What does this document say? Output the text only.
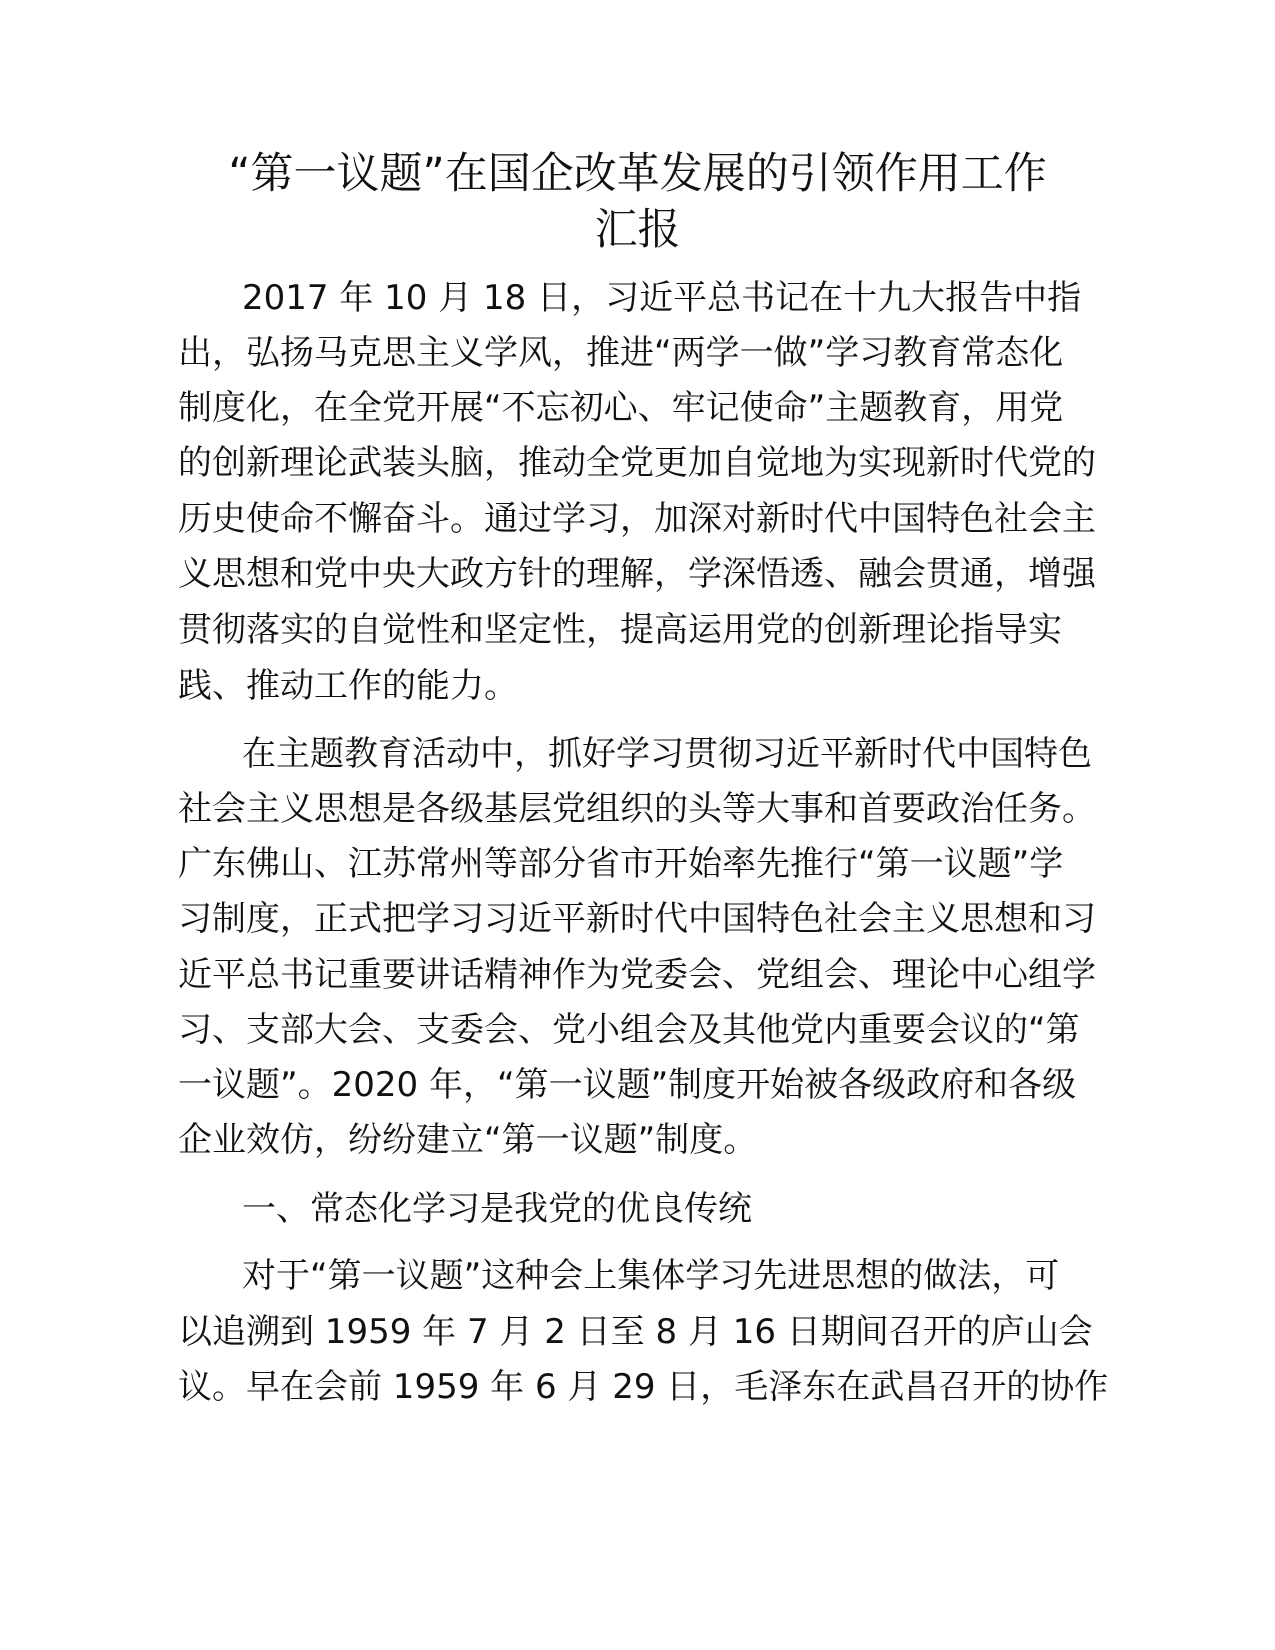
“第一议题”在国企改革发展的引领作用工作
汇报
2017 年 10 月 18 日，习近平总书记在十九大报告中指
出，弘扬马克思主义学风，推进“两学一做”学习教育常态化
制度化，在全党开展“不忘初心、牢记使命”主题教育，用党
的创新理论武装头脑，推动全党更加自觉地为实现新时代党的
历史使命不懈奋斗。通过学习，加深对新时代中国特色社会主
义思想和党中央大政方针的理解，学深悟透、融会贯通，增强
贯彻落实的自觉性和坚定性，提高运用党的创新理论指导实
践、推动工作的能力。
在主题教育活动中，抓好学习贯彻习近平新时代中国特色
社会主义思想是各级基层党组织的头等大事和首要政治任务。
广东佛山、江苏常州等部分省市开始率先推行“第一议题”学
习制度，正式把学习习近平新时代中国特色社会主义思想和习
近平总书记重要讲话精神作为党委会、党组会、理论中心组学
习、支部大会、支委会、党小组会及其他党内重要会议的“第
一议题”。2020 年，“第一议题”制度开始被各级政府和各级
企业效仿，纷纷建立“第一议题”制度。
一、常态化学习是我党的优良传统
对于“第一议题”这种会上集体学习先进思想的做法，可
以追溯到 1959 年 7 月 2 日至 8 月 16 日期间召开的庐山会
议。早在会前 1959 年 6 月 29 日，毛泽东在武昌召开的协作
